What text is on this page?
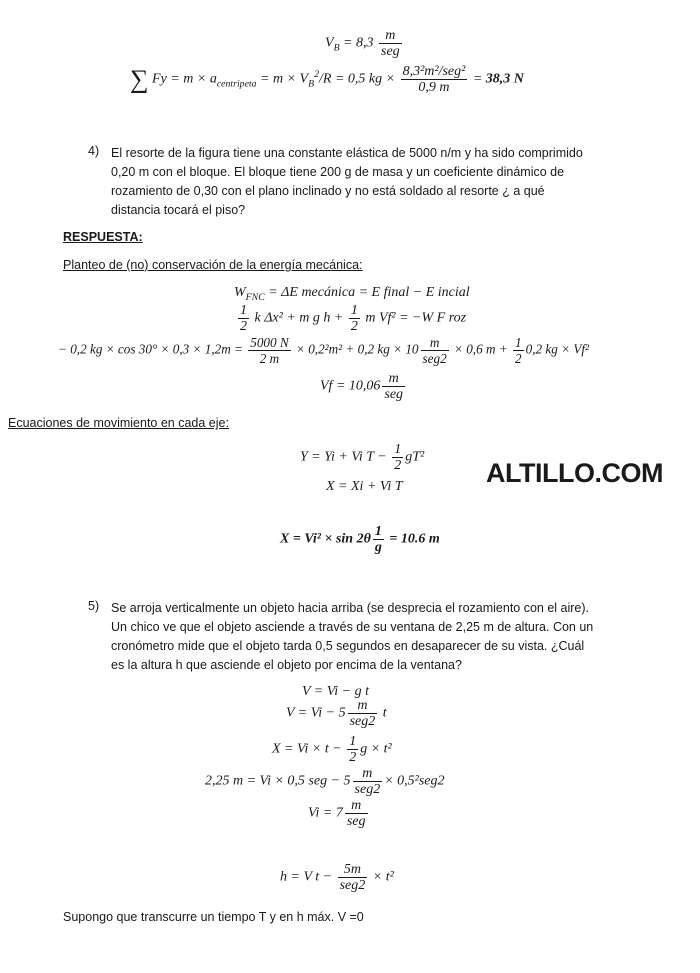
$V_B = 8,3 \frac{m}{\text{seg}}$
∑ $Fy = m \times a_{centripeta} = m \times V_B^2/R = 0,5$ kg × $\frac{\text{8,3²m²/seg²}}{0,9 m} = 38,3$ N
4) El resorte de la figura tiene una constante elástica de 5000 n/m y ha sido comprimido
0,20 m con el bloque. El bloque tiene 200 g de masa y un coeficiente dinámico de
rozamiento de 0,30 con el plano inclinado y no está soldado al resorte ¿ a qué
distancia tocará el piso?
RESPUESTA:
Planteo de (no) conservación de la energía mecánica:
$W_{FNC} = \Delta E$ mecánica = E final − E incial
$\frac{1}{2}$ k Δx² + m g $h + \frac{1}{2}$ m Vf² = −W F roz
− 0,2 kg × $\cos 30^\circ \times 0,3 \times 1,2m = \frac{5000 N}{2 m} \times 0,2^2m^2 + 0,2$ kg × $10 \frac{m}{\text{seg2}} \times 0,6$ $m + \frac{1}{2} 0,2$ kg × Vf²
$Vf = 10,06 \frac{m}{\text{seg}}$
Ecuaciones de movimiento en cada eje:
Y = Yi + Vi $T - \frac{1}{2} gT^2$
X = Xi + Vi T	ALTILLO.COM
$X = Vi^2 \times \sin 2\theta \frac{1}{g} = 10.6$ m
5) Se arroja verticalmente un objeto hacia arriba (se desprecia el rozamiento con el aire).
Un chico ve que el objeto asciende a través de su ventana de 2,25 m de altura. Con un
cronómetro mide que el objeto tarda 0,5 segundos en desaparecer de su vista. ¿Cuál
es la altura h que asciende el objeto por encima de la ventana?
V = Vi − g t
$V = Vi - 5 \frac{m}{\text{seg2}}$ t
$X = Vi \times t - \frac{1}{2}$ g × t²
2,25 m = Vi × 0,5 seg − $5 \frac{m}{\text{seg2}} \times 0,5^2seg2$
$Vi = 7 \frac{m}{\text{seg}}$
h = V $t - \frac{5m}{\text{seg2}} \times t^2$
Supongo que transcurre un tiempo T y en h máx. V =0
